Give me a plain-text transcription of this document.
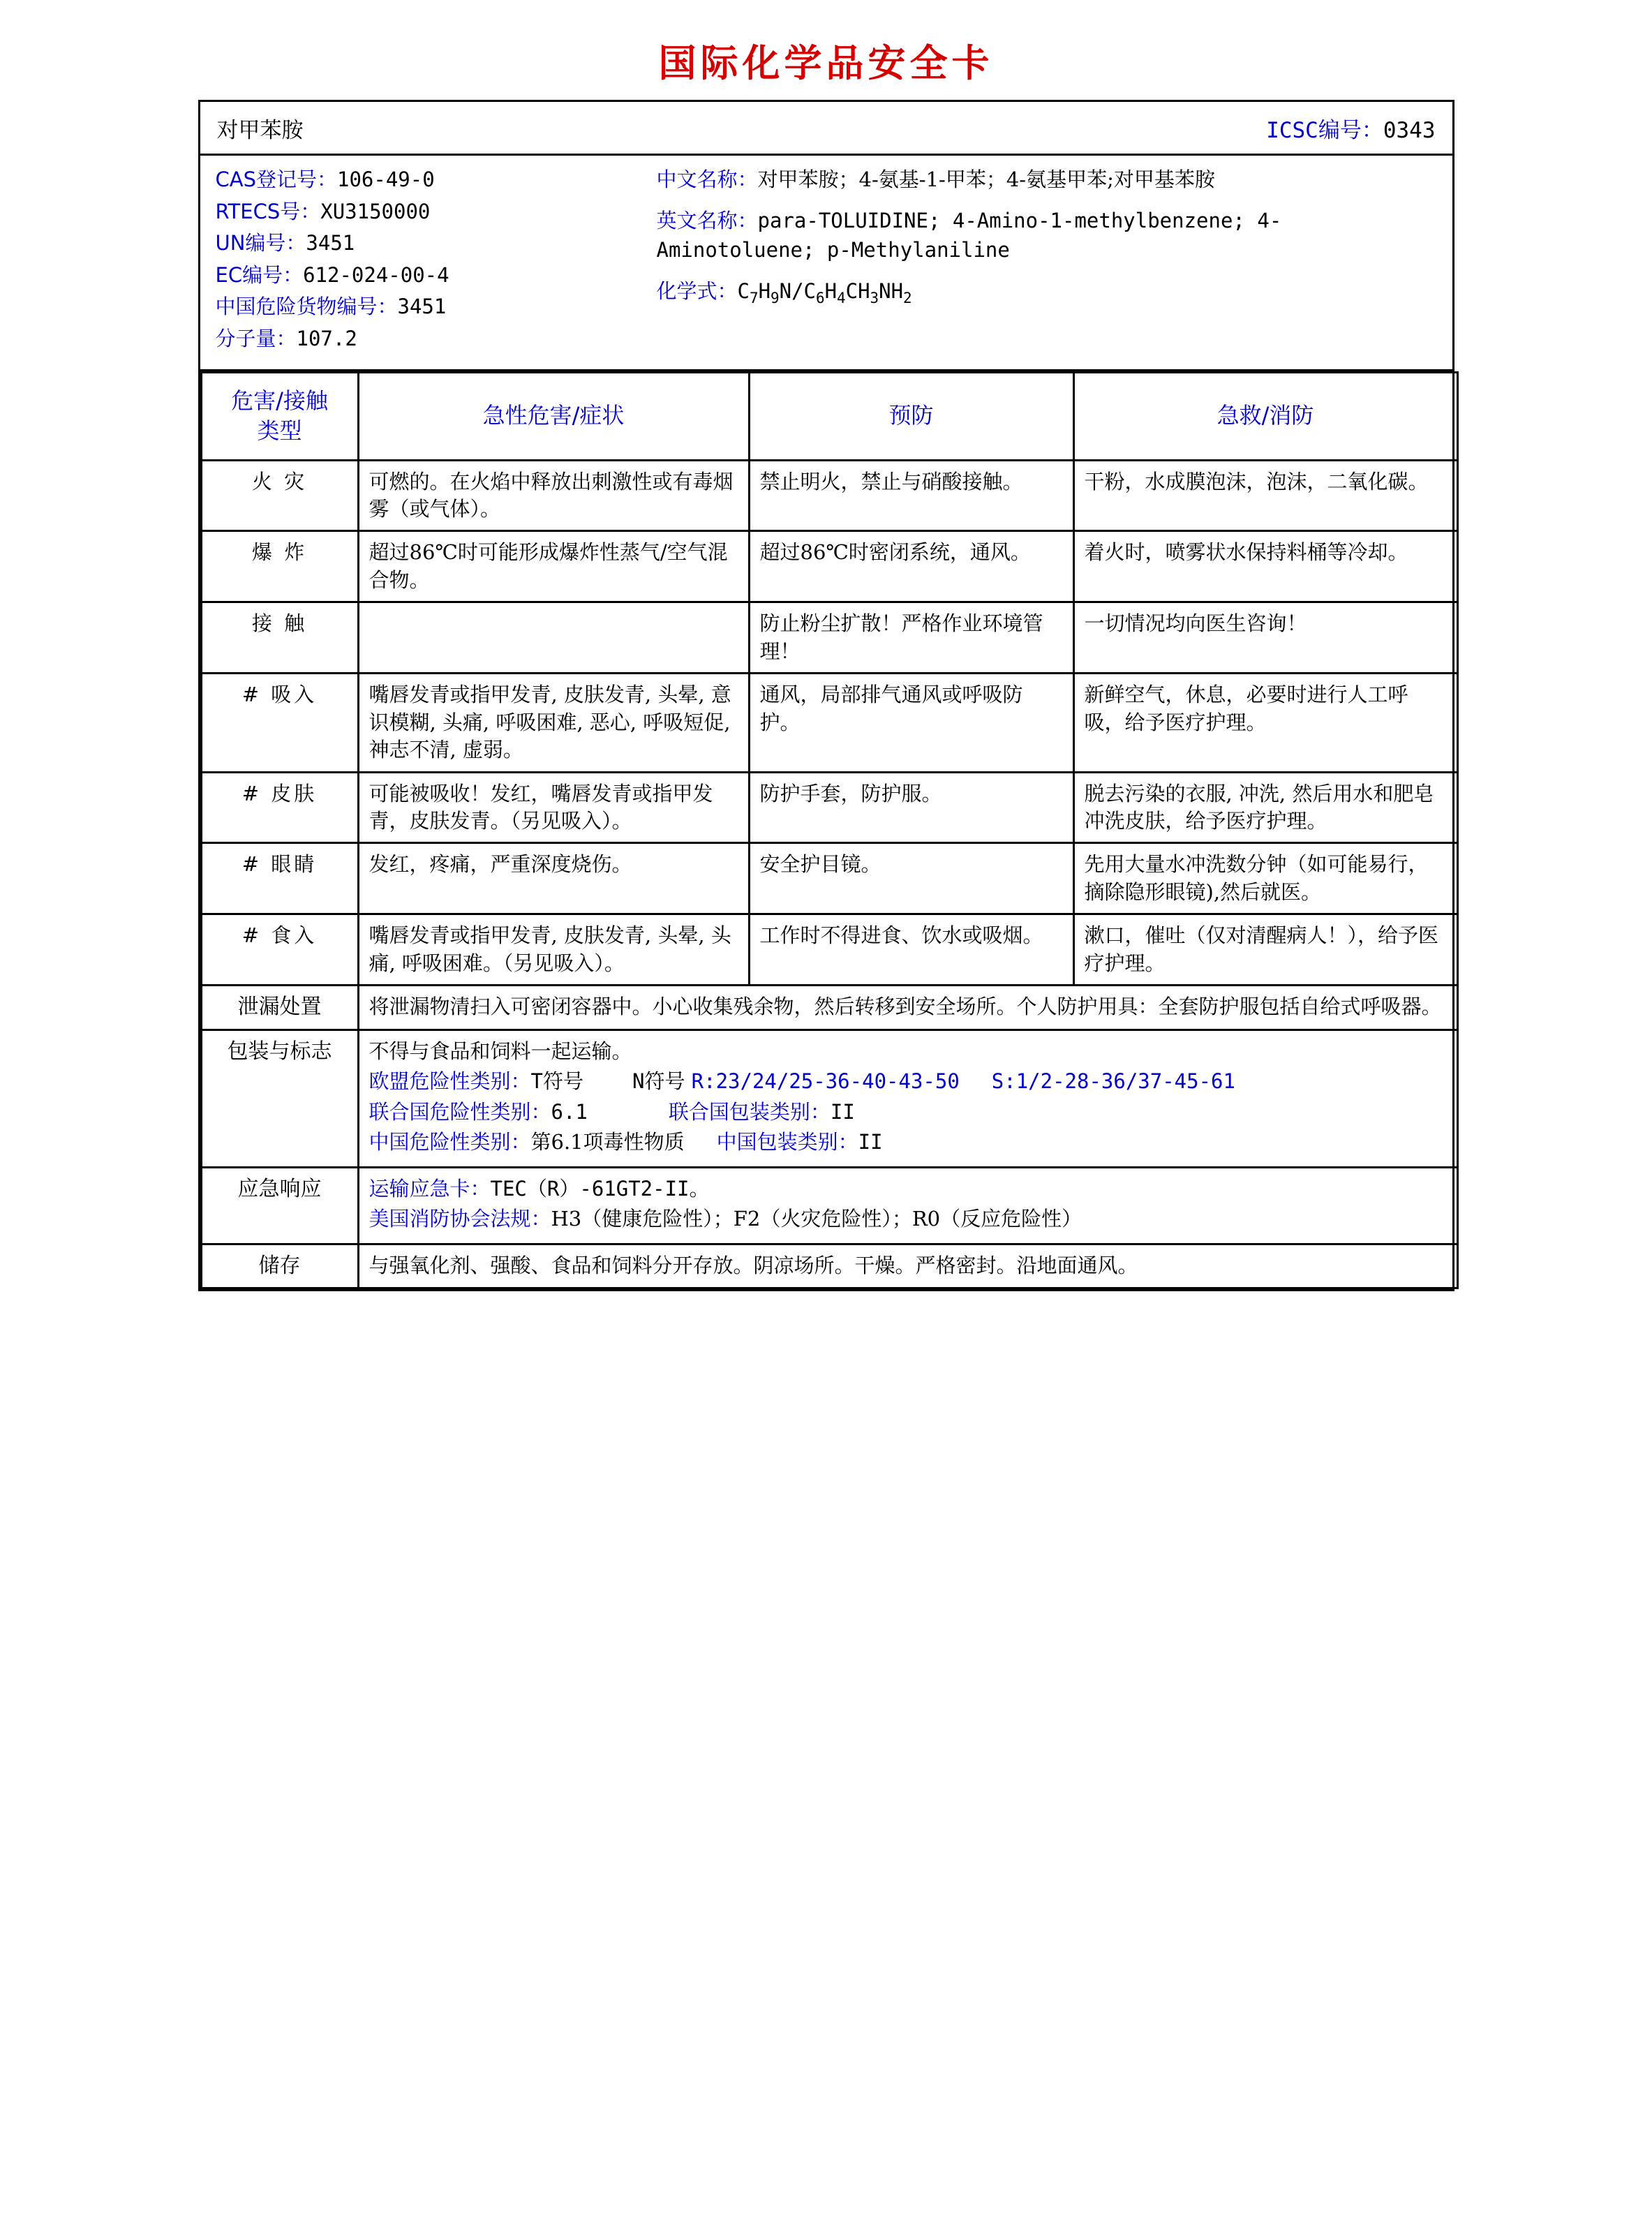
国际化学品安全卡
对甲苯胺	ICSC编号：0343
CAS登记号：106-49-0
RTECS号：XU3150000
UN编号：3451
EC编号：612-024-00-4
中国危险货物编号：3451
分子量：107.2
中文名称：对甲苯胺；4-氨基-1-甲苯；4-氨基甲苯;对甲基苯胺
英文名称：para-TOLUIDINE; 4-Amino-1-methylbenzene; 4-Aminotoluene; p-Methylaniline
化学式：$C_7H_9N/C_6H_4CH_3NH_2$
危害/接触
类型	急性危害/症状	预防	急救/消防
火 灾	可燃的。在火焰中释放出刺激性或有毒烟雾（或气体）。	禁止明火，禁止与硝酸接触。	干粉，水成膜泡沫，泡沫，二氧化碳。
爆 炸	超过86℃时可能形成爆炸性蒸气/空气混合物。	超过86℃时密闭系统，通风。	着火时，喷雾状水保持料桶等冷却。
接 触		防止粉尘扩散！严格作业环境管理！	一切情况均向医生咨询！
# 吸入	嘴唇发青或指甲发青, 皮肤发青, 头晕, 意识模糊, 头痛, 呼吸困难, 恶心, 呼吸短促, 神志不清, 虚弱。	通风，局部排气通风或呼吸防护。	新鲜空气，休息，必要时进行人工呼吸，给予医疗护理。
# 皮肤	可能被吸收！发红，嘴唇发青或指甲发青，皮肤发青。（另见吸入）。	防护手套，防护服。	脱去污染的衣服, 冲洗, 然后用水和肥皂冲洗皮肤，给予医疗护理。
# 眼睛	发红，疼痛，严重深度烧伤。	安全护目镜。	先用大量水冲洗数分钟（如可能易行，摘除隐形眼镜),然后就医。
# 食入	嘴唇发青或指甲发青, 皮肤发青, 头晕, 头痛, 呼吸困难。（另见吸入）。	工作时不得进食、饮水或吸烟。	漱口，催吐（仅对清醒病人！），给予医疗护理。
泄漏处置	将泄漏物清扫入可密闭容器中。小心收集残余物，然后转移到安全场所。个人防护用具：全套防护服包括自给式呼吸器。		
包装与标志	不得与食品和饲料一起运输。
欧盟危险性类别：T符号 N符号 R:23/24/25-36-40-43-50 S:1/2-28-36/37-45-61
联合国危险性类别：6.1 联合国包装类别：II
中国危险性类别：第6.1项毒性物质 中国包装类别：II		

应急响应	运输应急卡：TEC（R）-61GT2-II。
美国消防协会法规：H3（健康危险性）；F2（火灾危险性）；R0（反应危险性）		

储存	与强氧化剂、强酸、食品和饲料分开存放。阴凉场所。干燥。严格密封。沿地面通风。		
